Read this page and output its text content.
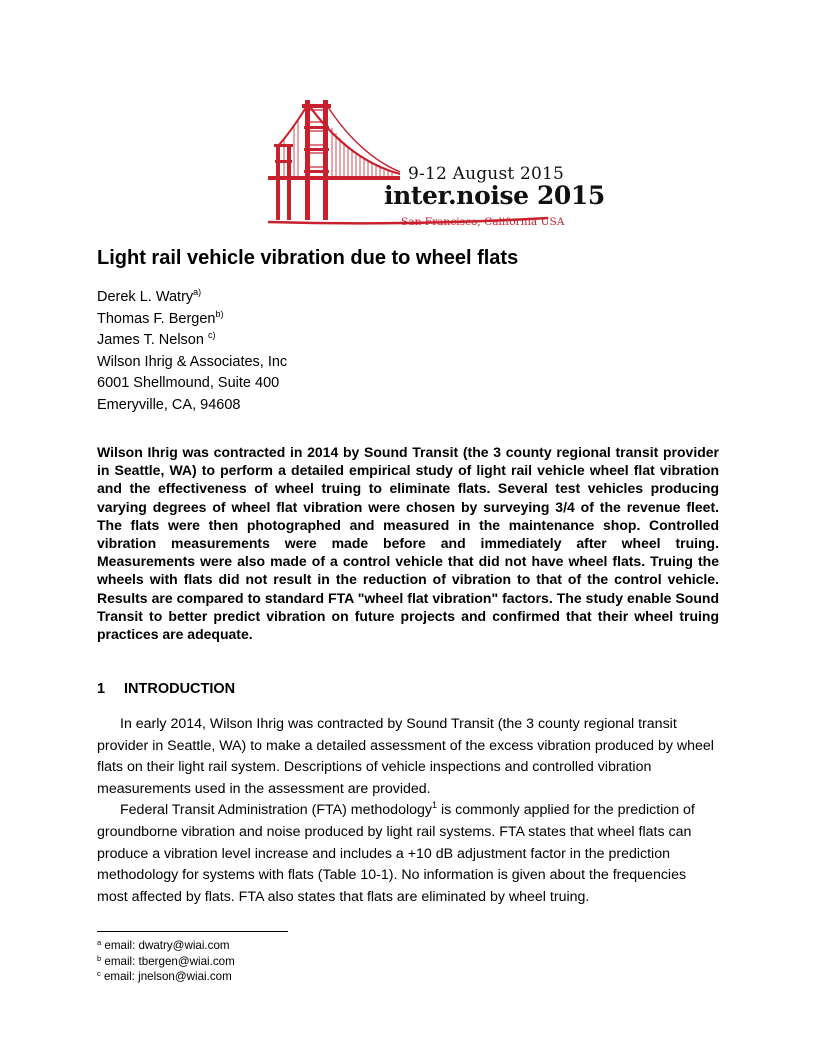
9-12 August 2015
inter.noise 2015
San Francisco, California USA
Light rail vehicle vibration due to wheel flats
Derek L. Watry$^{a)}$
Thomas F. Bergen$^{b)}$
James T. Nelson $^{c)}$
Wilson Ihrig & Associates, Inc
6001 Shellmound, Suite 400
Emeryville, CA, 94608
Wilson Ihrig was contracted in 2014 by Sound Transit (the 3 county regional transit provider in Seattle, WA) to perform a detailed empirical study of light rail vehicle wheel flat vibration and the effectiveness of wheel truing to eliminate flats. Several test vehicles producing varying degrees of wheel flat vibration were chosen by surveying 3/4 of the revenue fleet. The flats were then photographed and measured in the maintenance shop. Controlled vibration measurements were made before and immediately after wheel truing. Measurements were also made of a control vehicle that did not have wheel flats. Truing the wheels with flats did not result in the reduction of vibration to that of the control vehicle. Results are compared to standard FTA "wheel flat vibration" factors. The study enable Sound Transit to better predict vibration on future projects and confirmed that their wheel truing practices are adequate.
1 INTRODUCTION

In early 2014, Wilson Ihrig was contracted by Sound Transit (the 3 county regional transit provider in Seattle, WA) to make a detailed assessment of the excess vibration produced by wheel flats on their light rail system. Descriptions of vehicle inspections and controlled vibration measurements used in the assessment are provided.

Federal Transit Administration (FTA) methodology$^1$ is commonly applied for the prediction of groundborne vibration and noise produced by light rail systems. FTA states that wheel flats can produce a vibration level increase and includes a +10 dB adjustment factor in the prediction methodology for systems with flats (Table 10-1). No information is given about the frequencies most affected by flats. FTA also states that flats are eliminated by wheel truing.

$^a$ email: dwatry@wiai.com
$^b$ email: tbergen@wiai.com
$^c$ email: jnelson@wiai.com
